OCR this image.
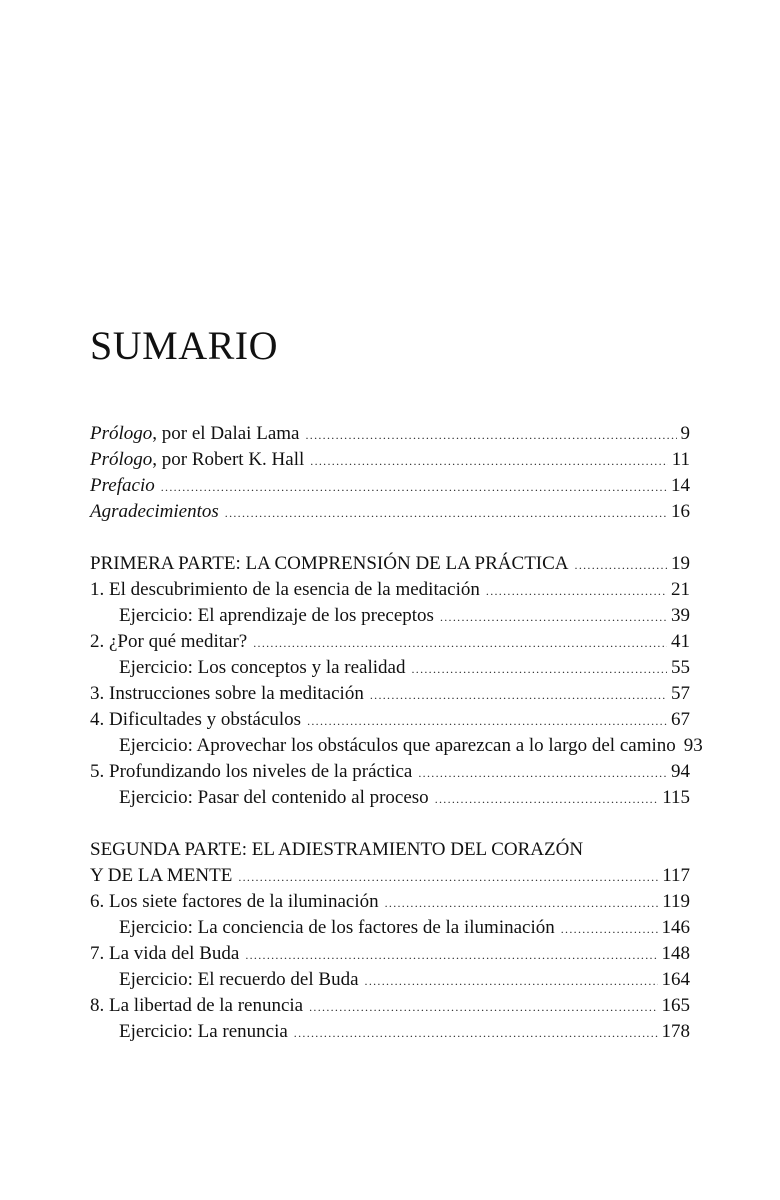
SUMARIO
Prólogo, por el Dalai Lama .....	9
Prólogo, por Robert K. Hall .....	11
Prefacio .....	14
Agradecimientos .....	16
PRIMERA PARTE: LA COMPRENSIÓN DE LA PRÁCTICA .....	19
1. El descubrimiento de la esencia de la meditación .....	21
Ejercicio: El aprendizaje de los preceptos .....	39
2. ¿Por qué meditar? .....	41
Ejercicio: Los conceptos y la realidad .....	55
3. Instrucciones sobre la meditación .....	57
4. Dificultades y obstáculos .....	67
Ejercicio: Aprovechar los obstáculos que aparezcan a lo largo del camino 93
5. Profundizando los niveles de la práctica .....	94
Ejercicio: Pasar del contenido al proceso .....	115
SEGUNDA PARTE: EL ADIESTRAMIENTO DEL CORAZÓN
Y DE LA MENTE .....	117
6. Los siete factores de la iluminación .....	119
Ejercicio: La conciencia de los factores de la iluminación .....	146
7. La vida del Buda .....	148
Ejercicio: El recuerdo del Buda .....	164
8. La libertad de la renuncia .....	165
Ejercicio: La renuncia .....	178
